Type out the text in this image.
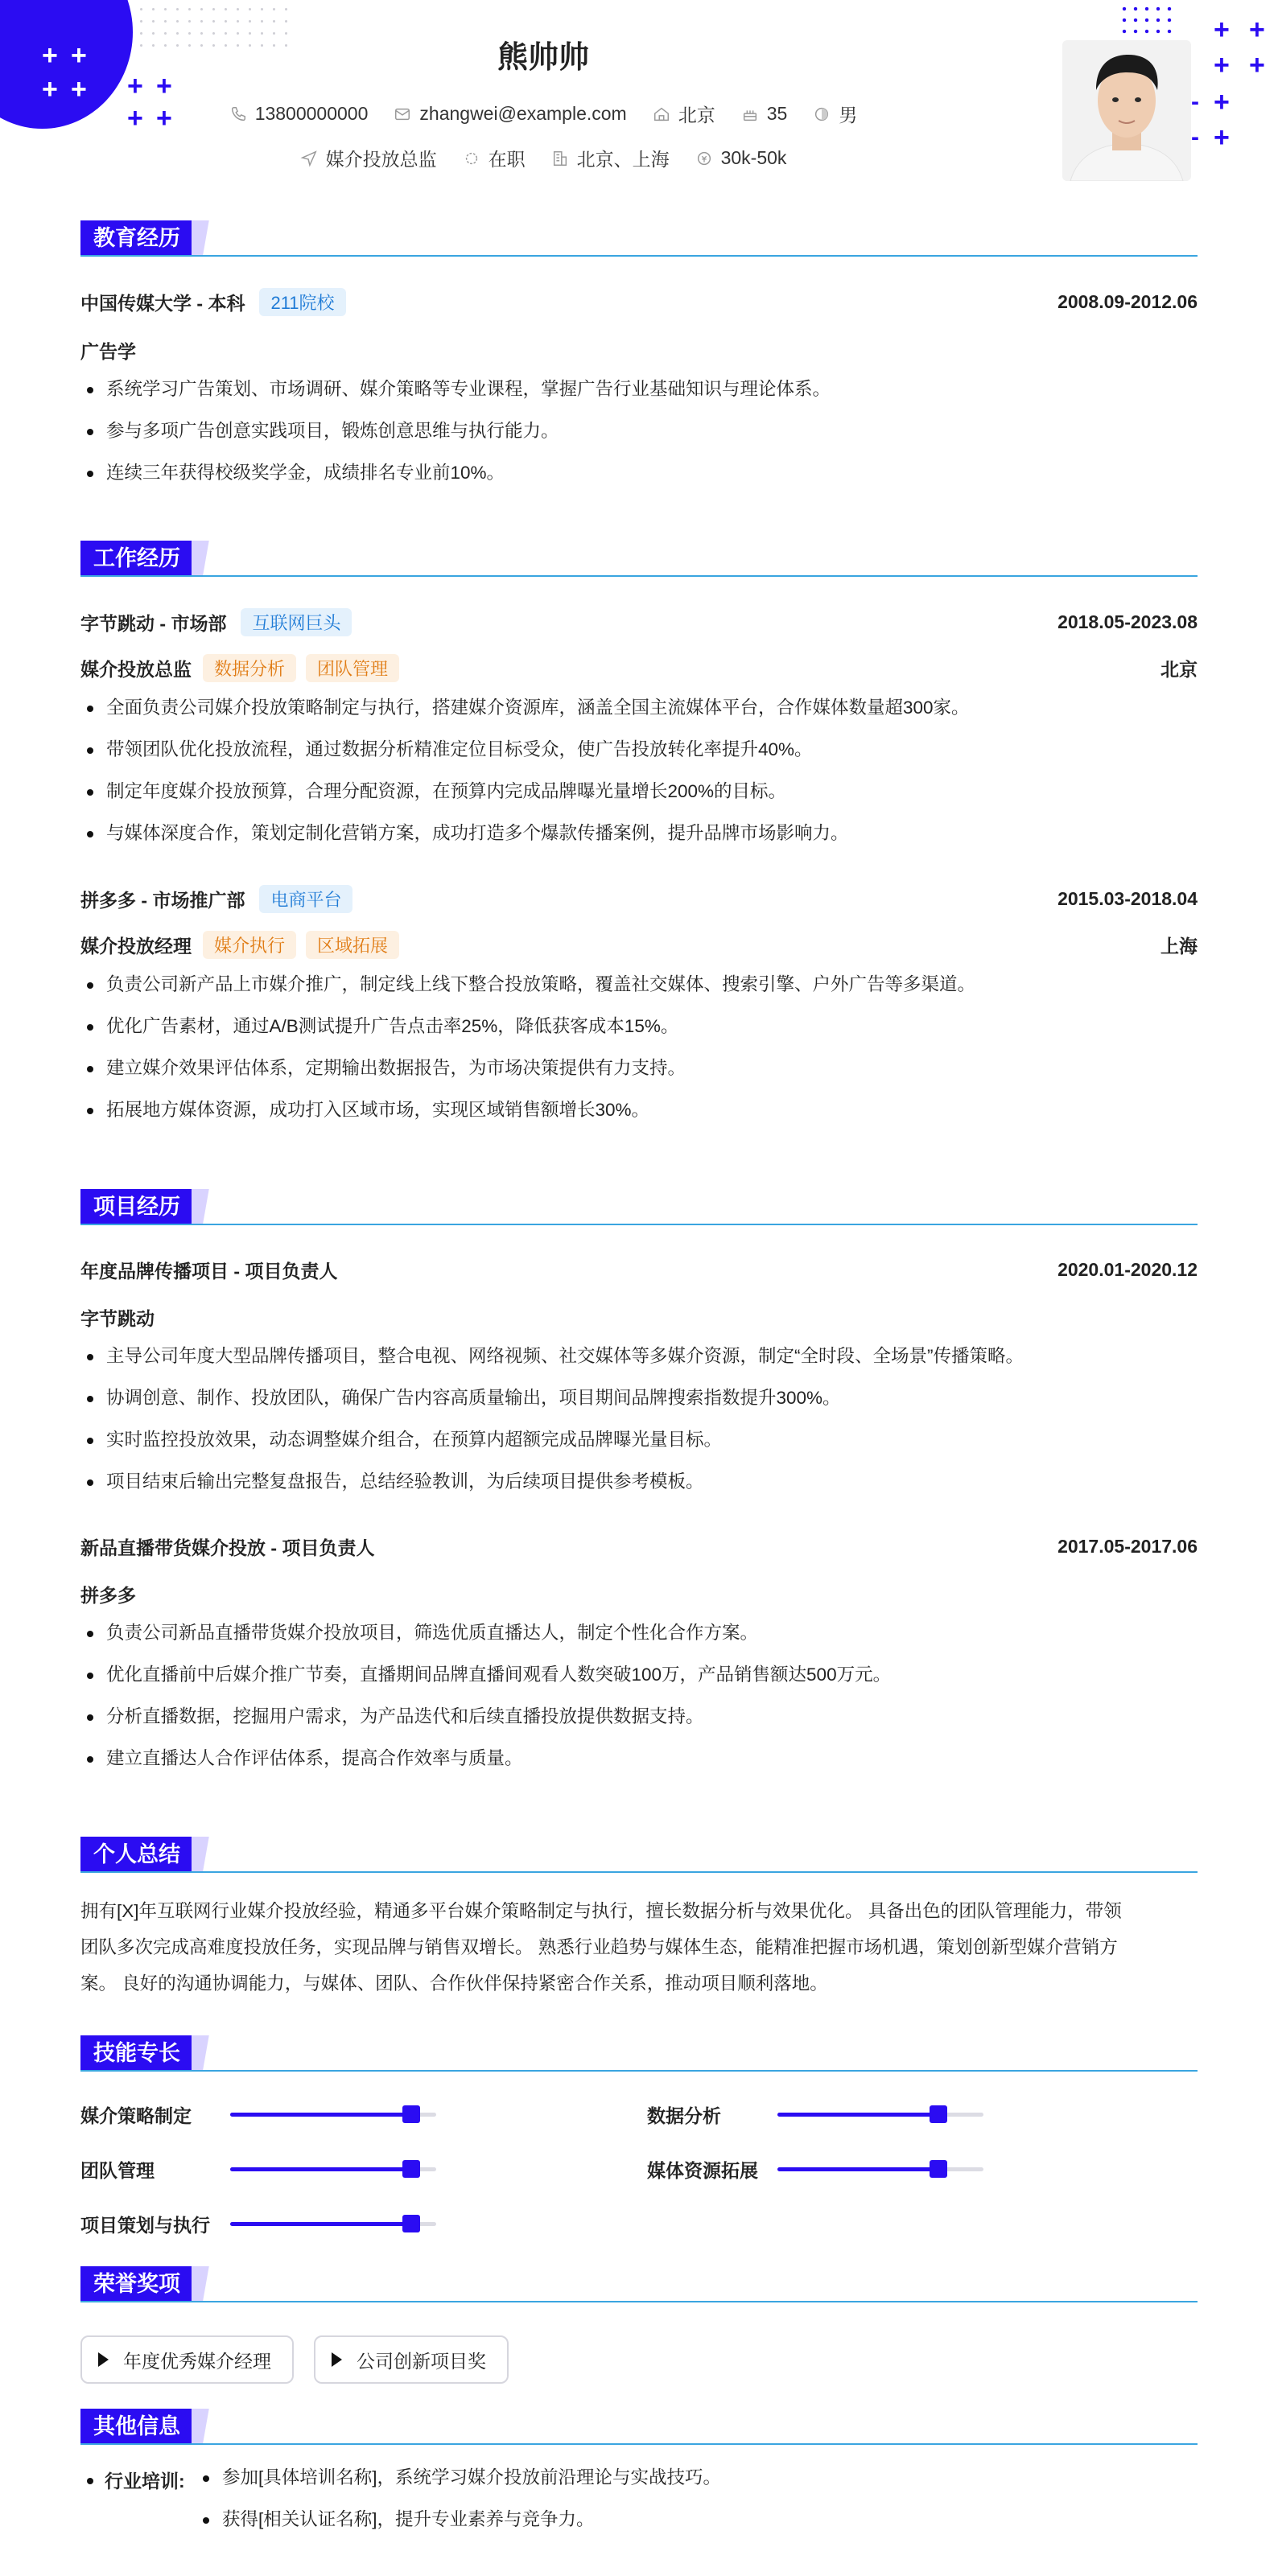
+ +
+ + + +
+ +
+ +
+ +
- +
- +
熊帅帅
13800000000	zhangwei@example.com	北京	35	男
媒介投放总监	在职	北京、上海	30k-50k
教育经历
中国传媒大学 - 本科	211院校	2008.09-2012.06
广告学
系统学习广告策划、市场调研、媒介策略等专业课程，掌握广告行业基础知识与理论体系。
参与多项广告创意实践项目，锻炼创意思维与执行能力。
连续三年获得校级奖学金，成绩排名专业前10%。
工作经历
字节跳动 - 市场部	互联网巨头	2018.05-2023.08
媒介投放总监	数据分析	团队管理	北京
全面负责公司媒介投放策略制定与执行，搭建媒介资源库，涵盖全国主流媒体平台，合作媒体数量超300家。
带领团队优化投放流程，通过数据分析精准定位目标受众，使广告投放转化率提升40%。
制定年度媒介投放预算，合理分配资源，在预算内完成品牌曝光量增长200%的目标。
与媒体深度合作，策划定制化营销方案，成功打造多个爆款传播案例，提升品牌市场影响力。
拼多多 - 市场推广部	电商平台	2015.03-2018.04
媒介投放经理	媒介执行	区域拓展	上海
负责公司新产品上市媒介推广，制定线上线下整合投放策略，覆盖社交媒体、搜索引擎、户外广告等多渠道。
优化广告素材，通过A/B测试提升广告点击率25%，降低获客成本15%。
建立媒介效果评估体系，定期输出数据报告，为市场决策提供有力支持。
拓展地方媒体资源，成功打入区域市场，实现区域销售额增长30%。
项目经历
年度品牌传播项目 - 项目负责人	2020.01-2020.12
字节跳动
主导公司年度大型品牌传播项目，整合电视、网络视频、社交媒体等多媒介资源，制定“全时段、全场景”传播策略。
协调创意、制作、投放团队，确保广告内容高质量输出，项目期间品牌搜索指数提升300%。
实时监控投放效果，动态调整媒介组合，在预算内超额完成品牌曝光量目标。
项目结束后输出完整复盘报告，总结经验教训，为后续项目提供参考模板。
新品直播带货媒介投放 - 项目负责人	2017.05-2017.06
拼多多
负责公司新品直播带货媒介投放项目，筛选优质直播达人，制定个性化合作方案。
优化直播前中后媒介推广节奏，直播期间品牌直播间观看人数突破100万，产品销售额达500万元。
分析直播数据，挖掘用户需求，为产品迭代和后续直播投放提供数据支持。
建立直播达人合作评估体系，提高合作效率与质量。
个人总结
拥有[X]年互联网行业媒介投放经验，精通多平台媒介策略制定与执行，擅长数据分析与效果优化。 具备出色的团队管理能力，带领
团队多次完成高难度投放任务，实现品牌与销售双增长。 熟悉行业趋势与媒体生态，能精准把握市场机遇，策划创新型媒介营销方
案。 良好的沟通协调能力，与媒体、团队、合作伙伴保持紧密合作关系，推动项目顺利落地。
技能专长
媒介策略制定	数据分析
团队管理	媒体资源拓展
项目策划与执行
荣誉奖项
年度优秀媒介经理	公司创新项目奖
其他信息
行业培训:	参加[具体培训名称]，系统学习媒介投放前沿理论与实战技巧。
获得[相关认证名称]，提升专业素养与竞争力。
